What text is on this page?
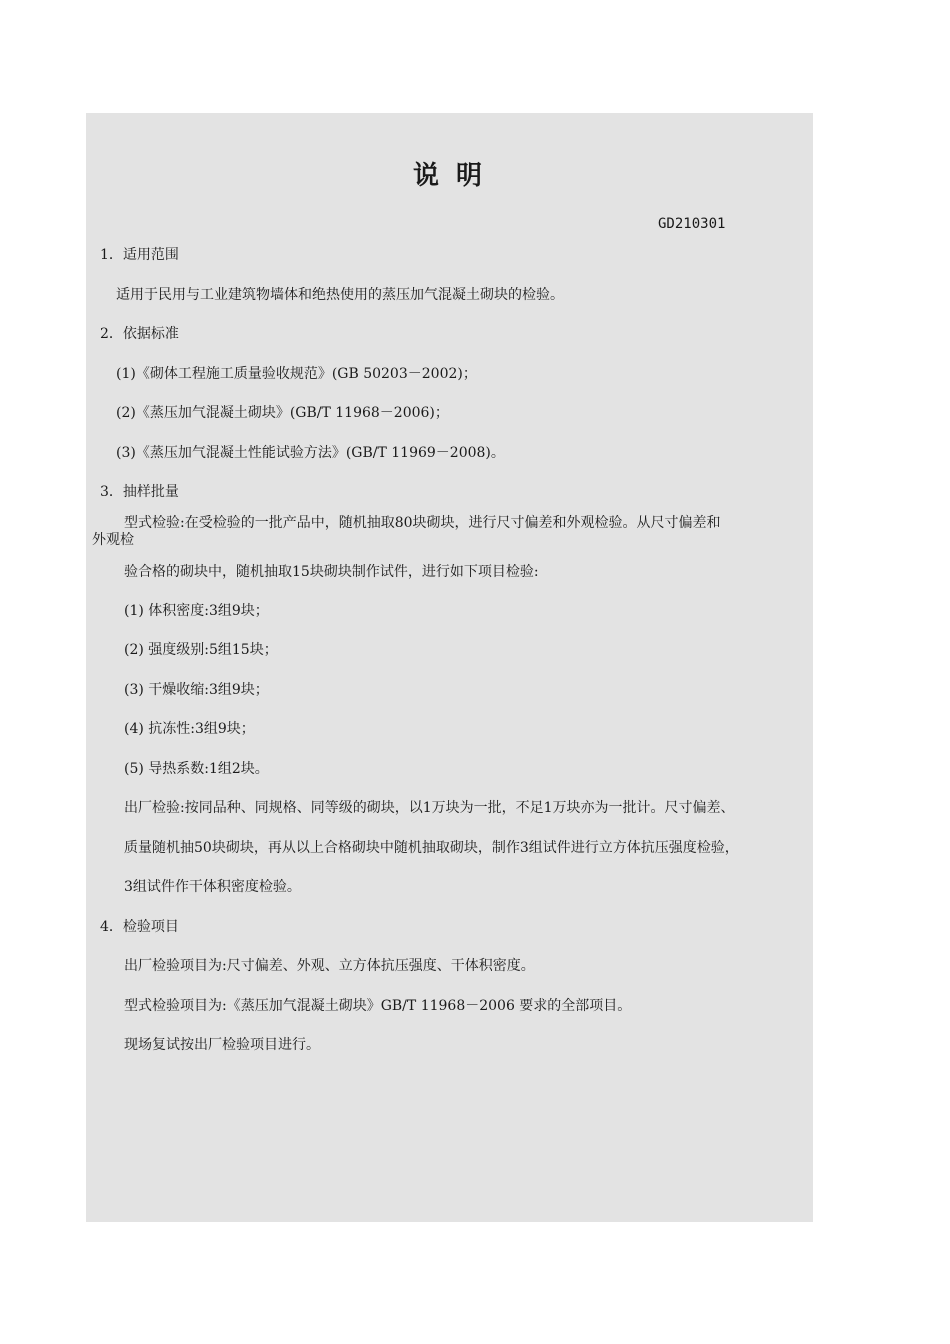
说 明
GD210301
1．适用范围
适用于民用与工业建筑物墙体和绝热使用的蒸压加气混凝土砌块的检验。
2．依据标准
(1)《砌体工程施工质量验收规范》(GB 50203－2002)；
(2)《蒸压加气混凝土砌块》(GB/T 11968－2006)；
(3)《蒸压加气混凝土性能试验方法》(GB/T 11969－2008)。
3．抽样批量
型式检验:在受检验的一批产品中，随机抽取80块砌块，进行尺寸偏差和外观检验。从尺寸偏差和
外观检
验合格的砌块中，随机抽取15块砌块制作试件，进行如下项目检验:
(1) 体积密度:3组9块；
(2) 强度级别:5组15块；
(3) 干燥收缩:3组9块；
(4) 抗冻性:3组9块；
(5) 导热系数:1组2块。
出厂检验:按同品种、同规格、同等级的砌块，以1万块为一批，不足1万块亦为一批计。尺寸偏差、
质量随机抽50块砌块，再从以上合格砌块中随机抽取砌块，制作3组试件进行立方体抗压强度检验，
3组试件作干体积密度检验。
4．检验项目
出厂检验项目为:尺寸偏差、外观、立方体抗压强度、干体积密度。
型式检验项目为:《蒸压加气混凝土砌块》GB/T 11968－2006 要求的全部项目。
现场复试按出厂检验项目进行。
